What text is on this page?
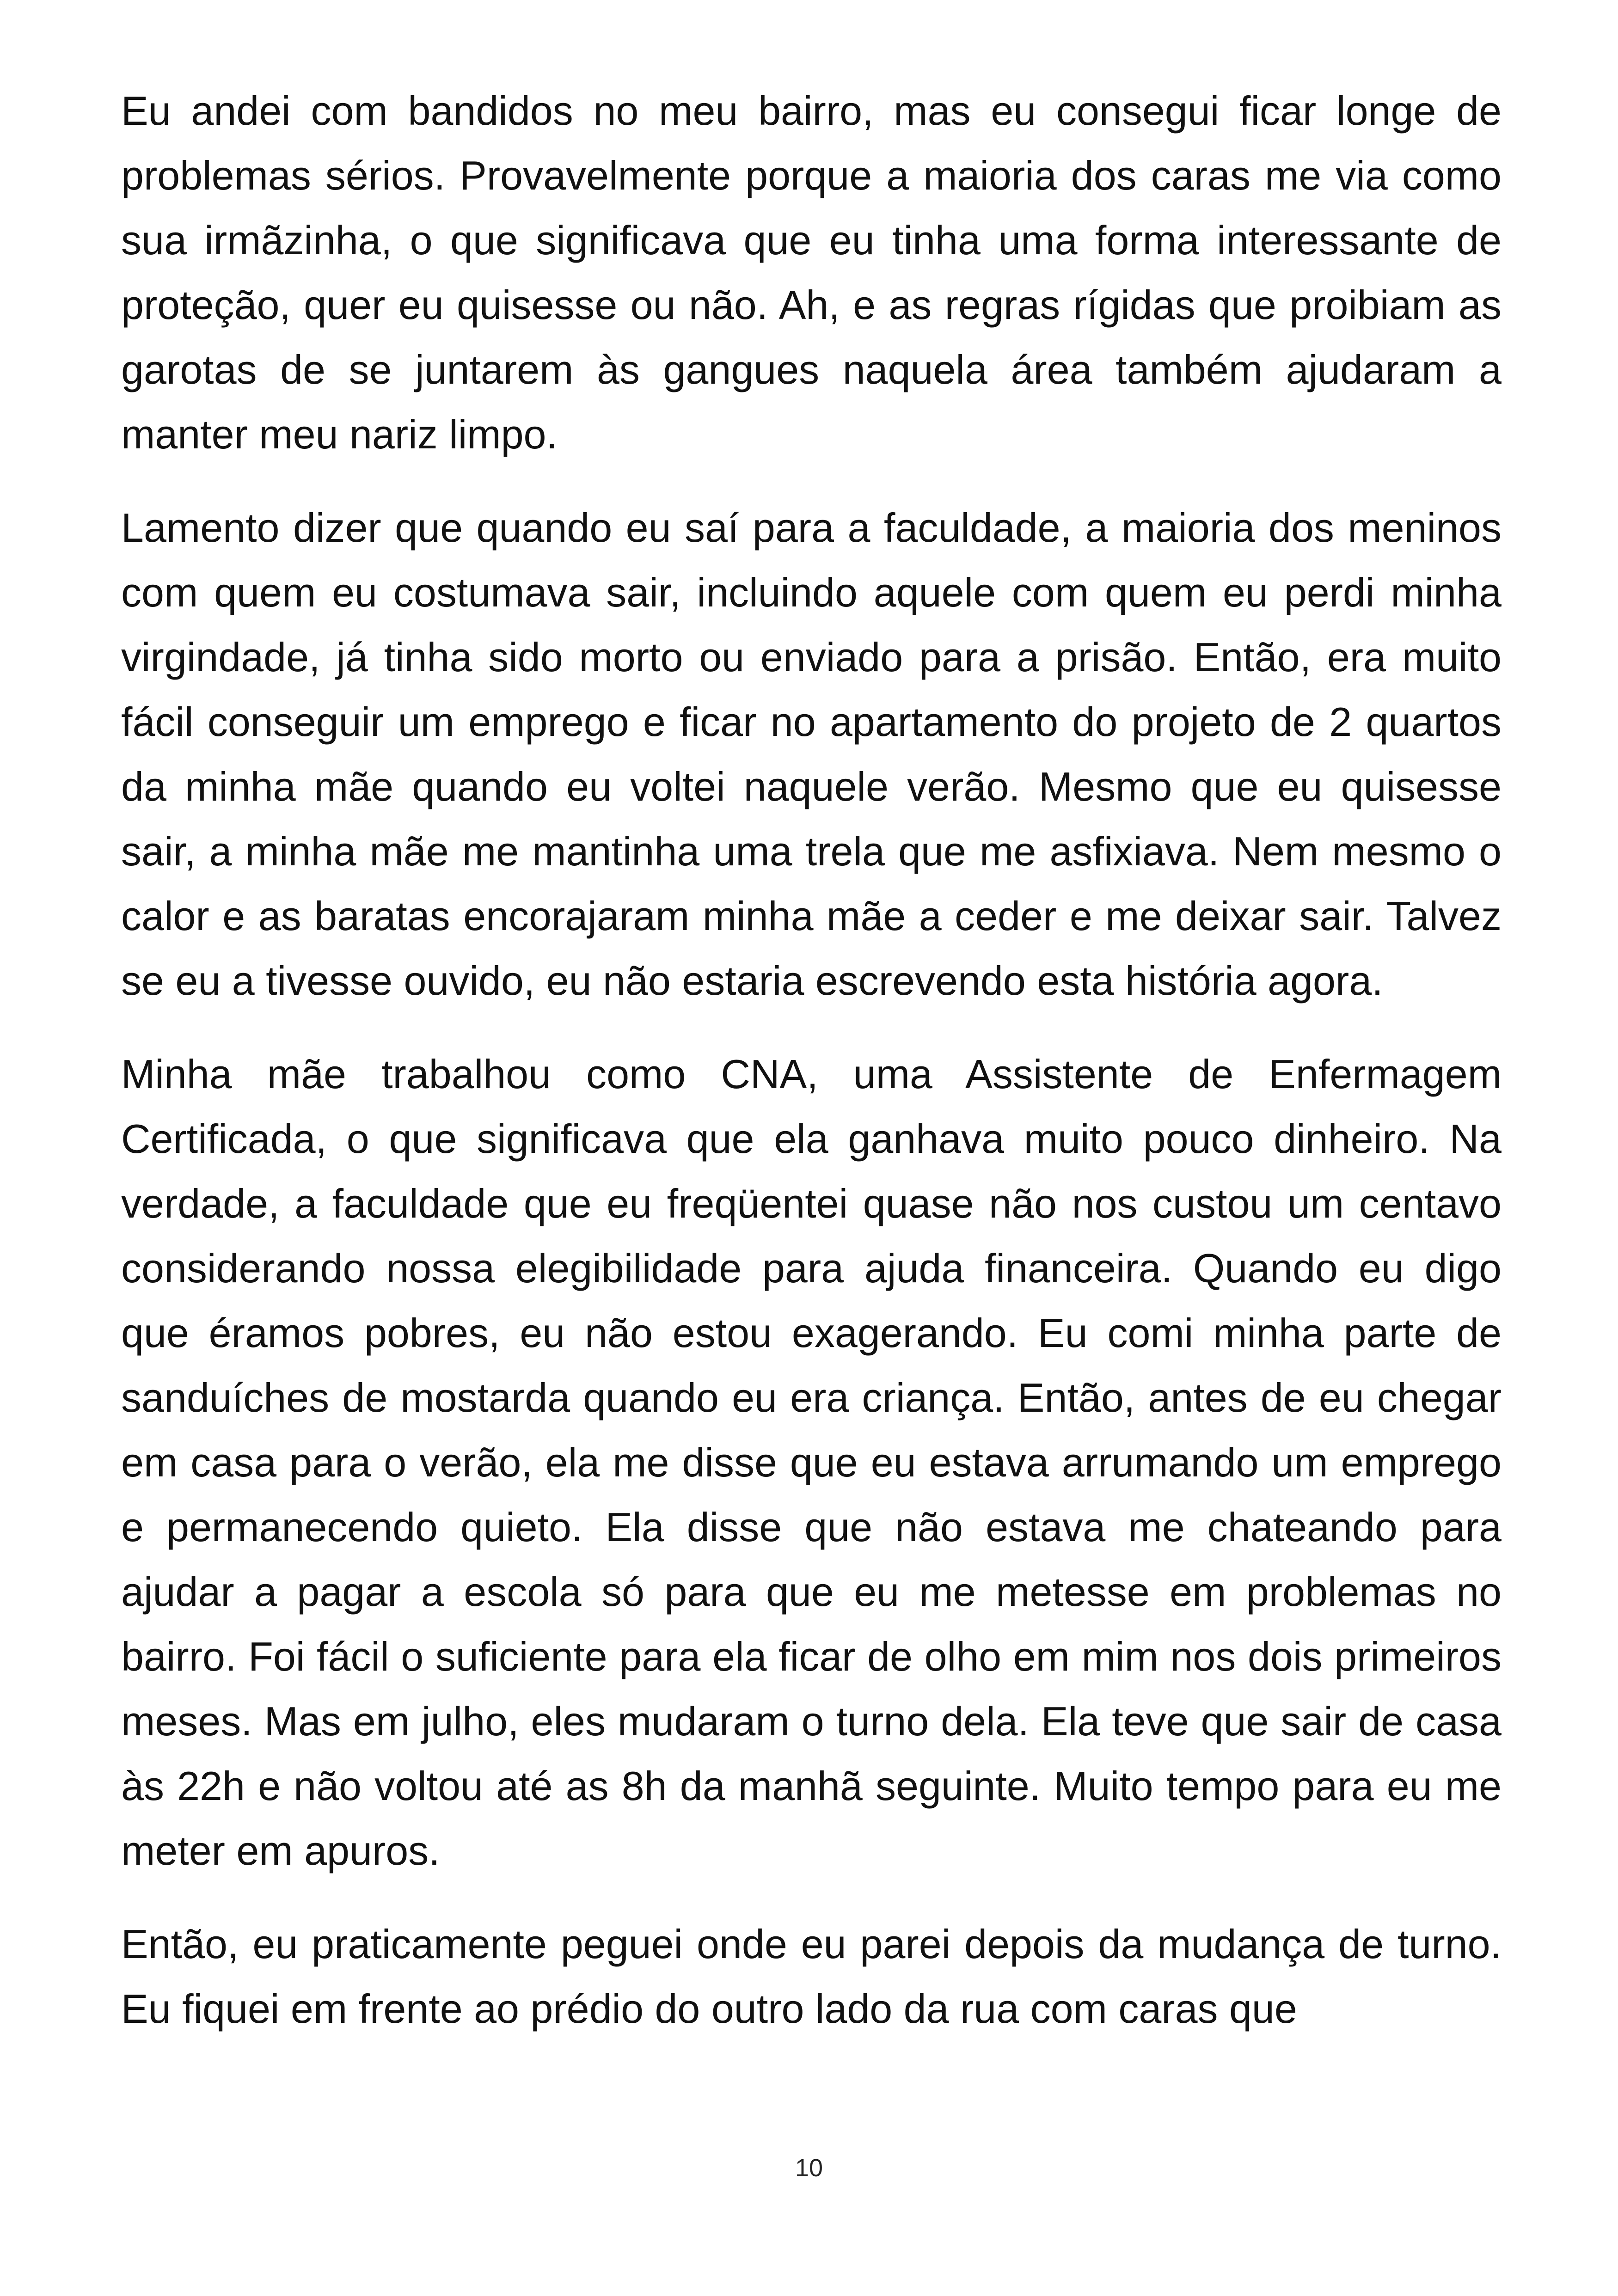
Eu andei com bandidos no meu bairro, mas eu consegui ficar longe de problemas sérios. Provavelmente porque a maioria dos caras me via como sua irmãzinha, o que significava que eu tinha uma forma interessante de proteção, quer eu quisesse ou não. Ah, e as regras rígidas que proibiam as garotas de se juntarem às gangues naquela área também ajudaram a manter meu nariz limpo.

Lamento dizer que quando eu saí para a faculdade, a maioria dos meninos com quem eu costumava sair, incluindo aquele com quem eu perdi minha virgindade, já tinha sido morto ou enviado para a prisão. Então, era muito fácil conseguir um emprego e ficar no apartamento do projeto de 2 quartos da minha mãe quando eu voltei naquele verão. Mesmo que eu quisesse sair, a minha mãe me mantinha uma trela que me asfixiava. Nem mesmo o calor e as baratas encorajaram minha mãe a ceder e me deixar sair. Talvez se eu a tivesse ouvido, eu não estaria escrevendo esta história agora.

Minha mãe trabalhou como CNA, uma Assistente de Enfermagem Certificada, o que significava que ela ganhava muito pouco dinheiro. Na verdade, a faculdade que eu freqüentei quase não nos custou um centavo considerando nossa elegibilidade para ajuda financeira. Quando eu digo que éramos pobres, eu não estou exagerando. Eu comi minha parte de sanduíches de mostarda quando eu era criança. Então, antes de eu chegar em casa para o verão, ela me disse que eu estava arrumando um emprego e permanecendo quieto. Ela disse que não estava me chateando para ajudar a pagar a escola só para que eu me metesse em problemas no bairro. Foi fácil o suficiente para ela ficar de olho em mim nos dois primeiros meses. Mas em julho, eles mudaram o turno dela. Ela teve que sair de casa às 22h e não voltou até as 8h da manhã seguinte. Muito tempo para eu me meter em apuros.

Então, eu praticamente peguei onde eu parei depois da mudança de turno. Eu fiquei em frente ao prédio do outro lado da rua com caras que

10
